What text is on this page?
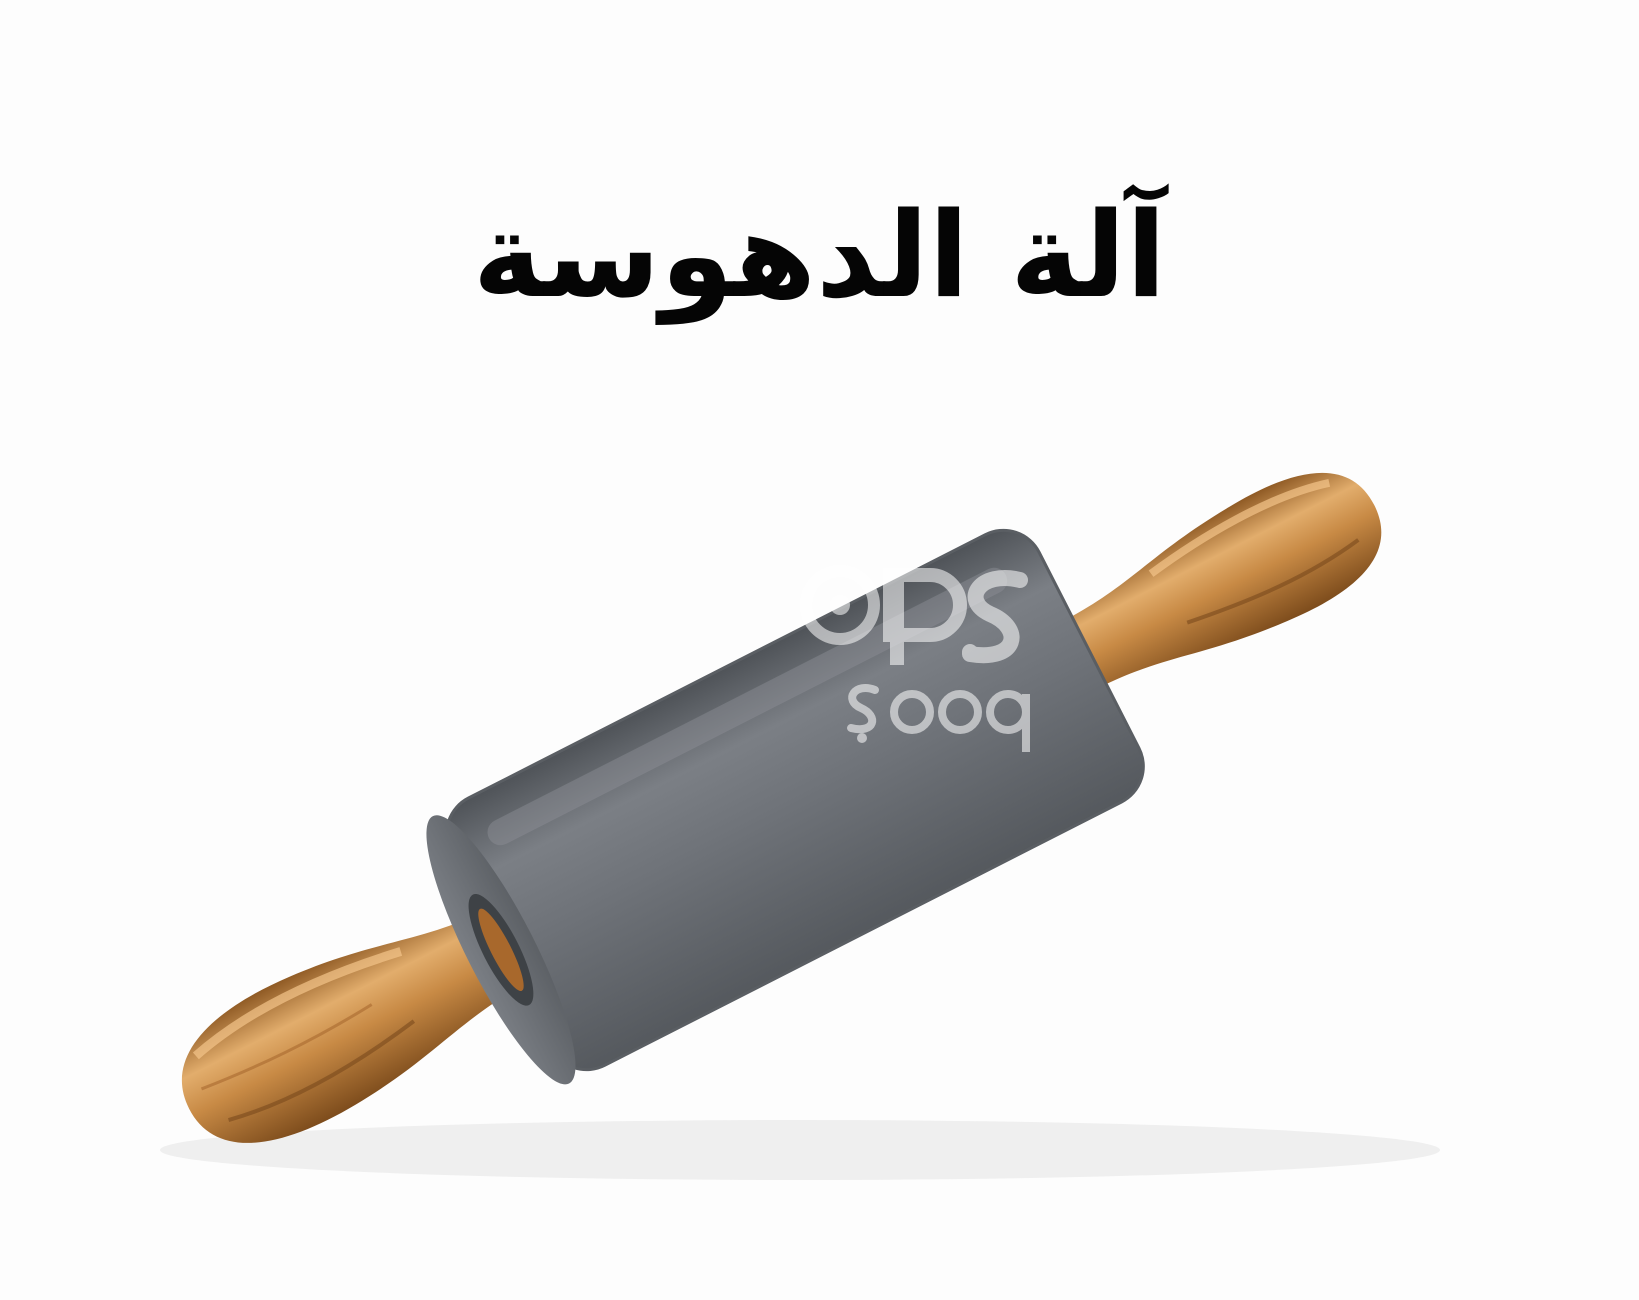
آلة الدهوسة
